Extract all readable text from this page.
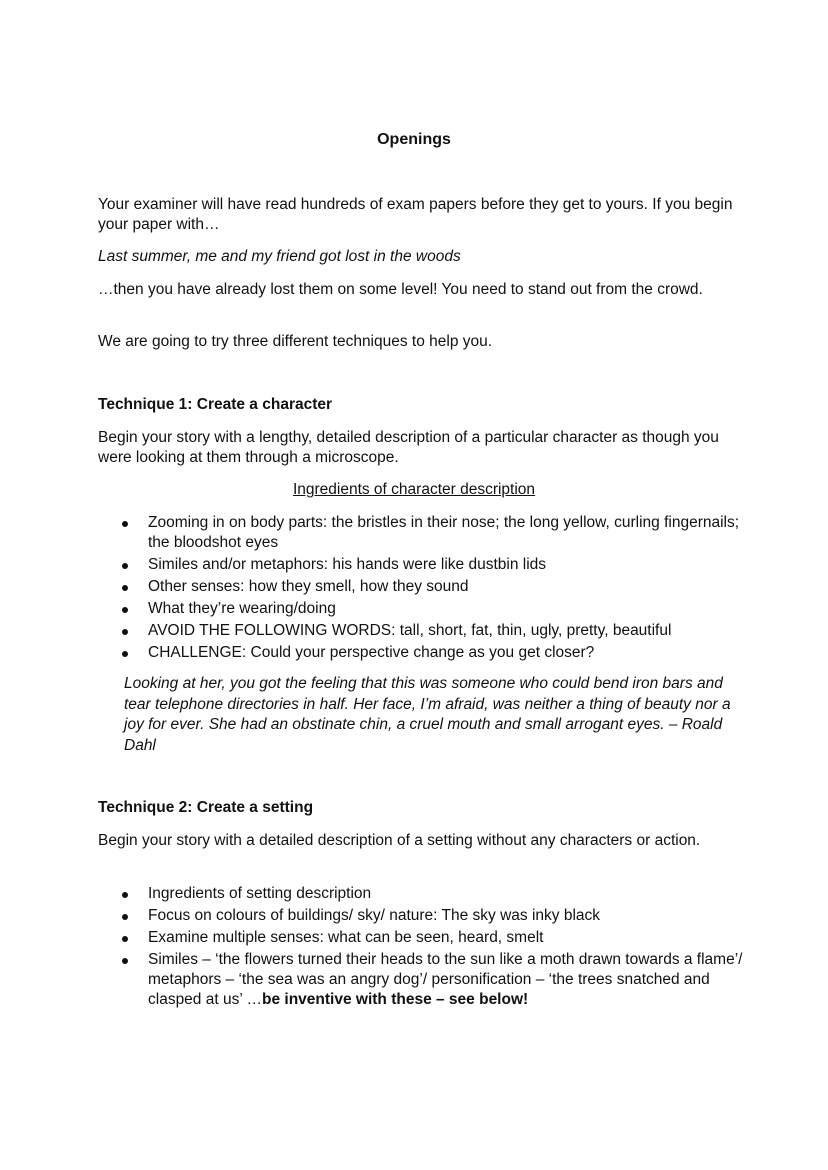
Openings

Your examiner will have read hundreds of exam papers before they get to yours. If you begin your paper with…

Last summer, me and my friend got lost in the woods

…then you have already lost them on some level! You need to stand out from the crowd.

We are going to try three different techniques to help you.

Technique 1: Create a character

Begin your story with a lengthy, detailed description of a particular character as though you were looking at them through a microscope.

Ingredients of character description
Zooming in on body parts: the bristles in their nose; the long yellow, curling fingernails; the bloodshot eyes
Similes and/or metaphors: his hands were like dustbin lids
Other senses: how they smell, how they sound
What they’re wearing/doing
AVOID THE FOLLOWING WORDS: tall, short, fat, thin, ugly, pretty, beautiful
CHALLENGE: Could your perspective change as you get closer?

Looking at her, you got the feeling that this was someone who could bend iron bars and tear telephone directories in half. Her face, I’m afraid, was neither a thing of beauty nor a joy for ever. She had an obstinate chin, a cruel mouth and small arrogant eyes. – Roald Dahl

Technique 2: Create a setting

Begin your story with a detailed description of a setting without any characters or action.

Ingredients of setting description
Focus on colours of buildings/ sky/ nature: The sky was inky black
Examine multiple senses: what can be seen, heard, smelt
Similes – ‘the flowers turned their heads to the sun like a moth drawn towards a flame’/ metaphors – ‘the sea was an angry dog’/ personification – ‘the trees snatched and clasped at us’ …be inventive with these – see below!
